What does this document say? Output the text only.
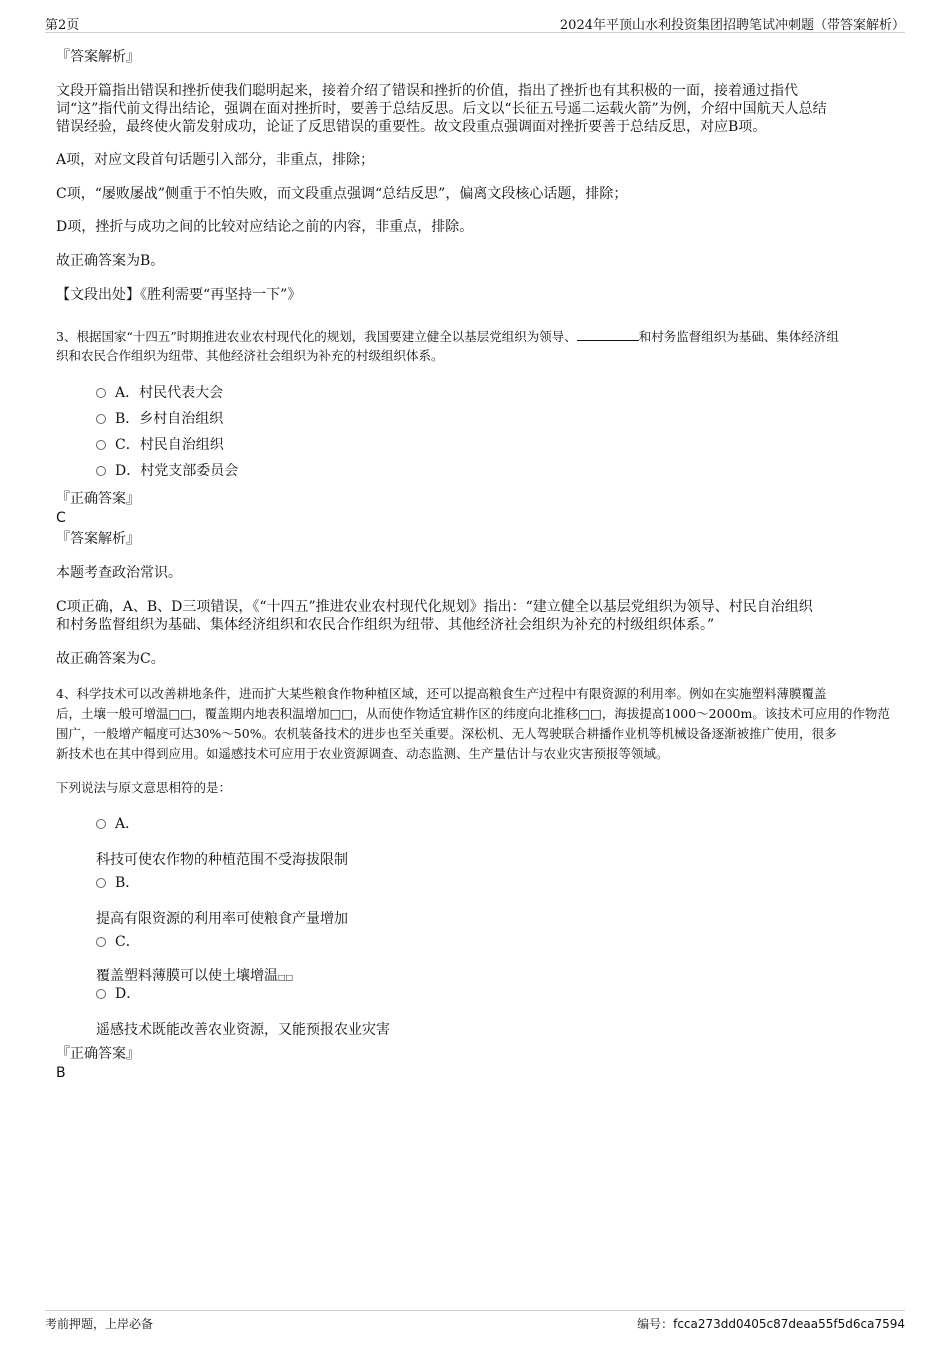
第2页	2024年平顶山水利投资集团招聘笔试冲刺题（带答案解析）
『答案解析』
文段开篇指出错误和挫折使我们聪明起来，接着介绍了错误和挫折的价值，指出了挫折也有其积极的一面，接着通过指代
词“这”指代前文得出结论，强调在面对挫折时，要善于总结反思。后文以“长征五号遥二运载火箭”为例，介绍中国航天人总结
错误经验，最终使火箭发射成功，论证了反思错误的重要性。故文段重点强调面对挫折要善于总结反思，对应B项。
A项，对应文段首句话题引入部分，非重点，排除；
C项，“屡败屡战”侧重于不怕失败，而文段重点强调“总结反思”，偏离文段核心话题，排除；
D项，挫折与成功之间的比较对应结论之前的内容，非重点，排除。
故正确答案为B。
【文段出处】《胜利需要“再坚持一下”》
3、根据国家“十四五”时期推进农业农村现代化的规划，我国要建立健全以基层党组织为领导、	和村务监督组织为基础、集体经济组
织和农民合作组织为纽带、其他经济社会组织为补充的村级组织体系。
A．村民代表大会
B．乡村自治组织
C．村民自治组织
D．村党支部委员会
『正确答案』
C
『答案解析』
本题考查政治常识。
C项正确，A、B、D三项错误，《“十四五”推进农业农村现代化规划》指出：“建立健全以基层党组织为领导、村民自治组织
和村务监督组织为基础、集体经济组织和农民合作组织为纽带、其他经济社会组织为补充的村级组织体系。”
故正确答案为C。
4、科学技术可以改善耕地条件，进而扩大某些粮食作物种植区域，还可以提高粮食生产过程中有限资源的利用率。例如在实施塑料薄膜覆盖
后，土壤一般可增温□□，覆盖期内地表积温增加□□，从而使作物适宜耕作区的纬度向北推移□□，海拔提高1000～2000m。该技术可应用的作物范
围广，一般增产幅度可达30%～50%。农机装备技术的进步也至关重要。深松机、无人驾驶联合耕播作业机等机械设备逐渐被推广使用，很多
新技术也在其中得到应用。如遥感技术可应用于农业资源调查、动态监测、生产量估计与农业灾害预报等领域。
下列说法与原文意思相符的是：
A．
科技可使农作物的种植范围不受海拔限制
B．
提高有限资源的利用率可使粮食产量增加
C．
覆盖塑料薄膜可以使土壤增温□□
D．
遥感技术既能改善农业资源，又能预报农业灾害
『正确答案』
B
考前押题，上岸必备	编号：fcca273dd0405c87deaa55f5d6ca7594
